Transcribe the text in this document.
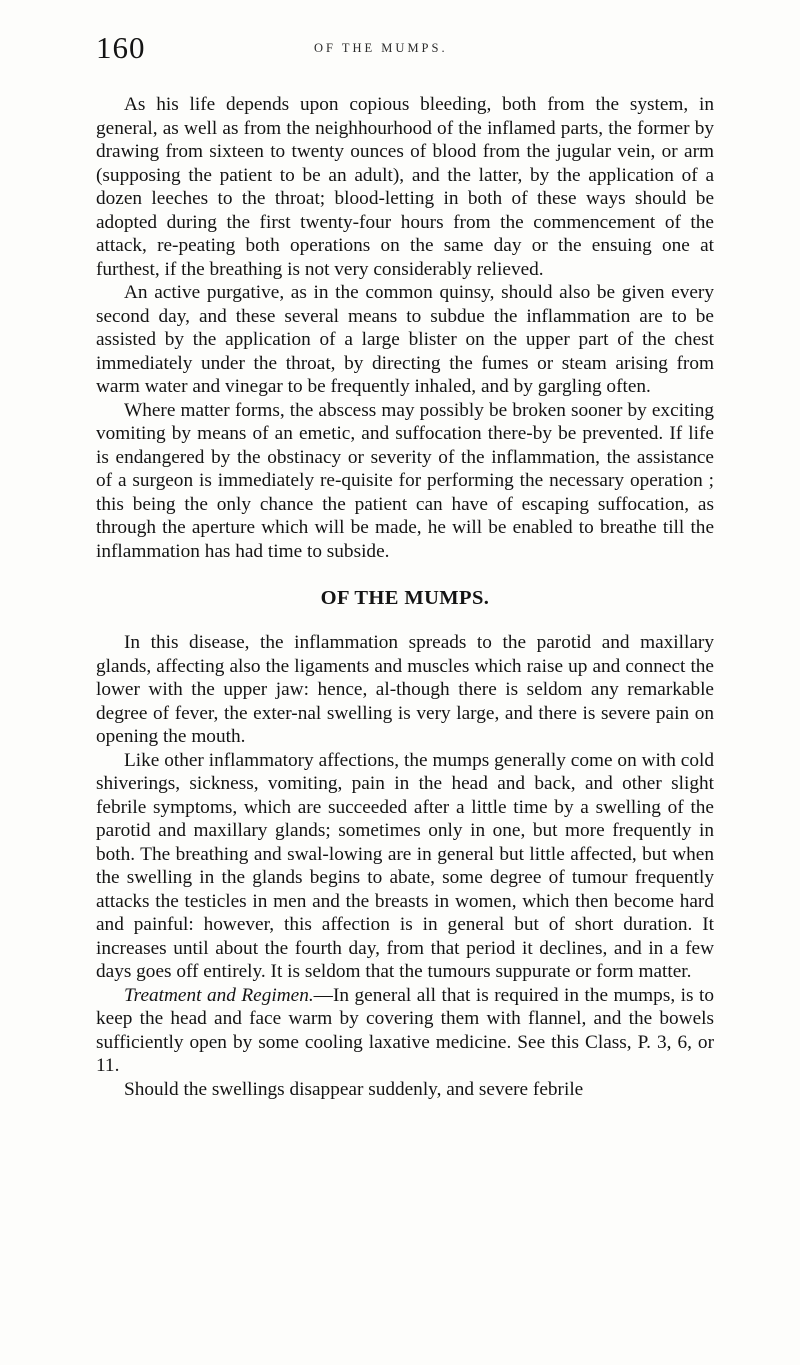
160	OF THE MUMPS.

As his life depends upon copious bleeding, both from the system, in general, as well as from the neighhourhood of the inflamed parts, the former by drawing from sixteen to twenty ounces of blood from the jugular vein, or arm (supposing the patient to be an adult), and the latter, by the application of a dozen leeches to the throat; blood-letting in both of these ways should be adopted during the first twenty-four hours from the commencement of the attack, re-peating both operations on the same day or the ensuing one at furthest, if the breathing is not very considerably relieved.

An active purgative, as in the common quinsy, should also be given every second day, and these several means to subdue the inflammation are to be assisted by the application of a large blister on the upper part of the chest immediately under the throat, by directing the fumes or steam arising from warm water and vinegar to be frequently inhaled, and by gargling often.

Where matter forms, the abscess may possibly be broken sooner by exciting vomiting by means of an emetic, and suffocation there-by be prevented. If life is endangered by the obstinacy or severity of the inflammation, the assistance of a surgeon is immediately re-quisite for performing the necessary operation ; this being the only chance the patient can have of escaping suffocation, as through the aperture which will be made, he will be enabled to breathe till the inflammation has had time to subside.

OF THE MUMPS.

In this disease, the inflammation spreads to the parotid and maxillary glands, affecting also the ligaments and muscles which raise up and connect the lower with the upper jaw: hence, al-though there is seldom any remarkable degree of fever, the exter-nal swelling is very large, and there is severe pain on opening the mouth.

Like other inflammatory affections, the mumps generally come on with cold shiverings, sickness, vomiting, pain in the head and back, and other slight febrile symptoms, which are succeeded after a little time by a swelling of the parotid and maxillary glands; sometimes only in one, but more frequently in both. The breathing and swal-lowing are in general but little affected, but when the swelling in the glands begins to abate, some degree of tumour frequently attacks the testicles in men and the breasts in women, which then become hard and painful: however, this affection is in general but of short duration. It increases until about the fourth day, from that period it declines, and in a few days goes off entirely. It is seldom that the tumours suppurate or form matter.

Treatment and Regimen.—In general all that is required in the mumps, is to keep the head and face warm by covering them with flannel, and the bowels sufficiently open by some cooling laxative medicine. See this Class, P. 3, 6, or 11.

Should the swellings disappear suddenly, and severe febrile
